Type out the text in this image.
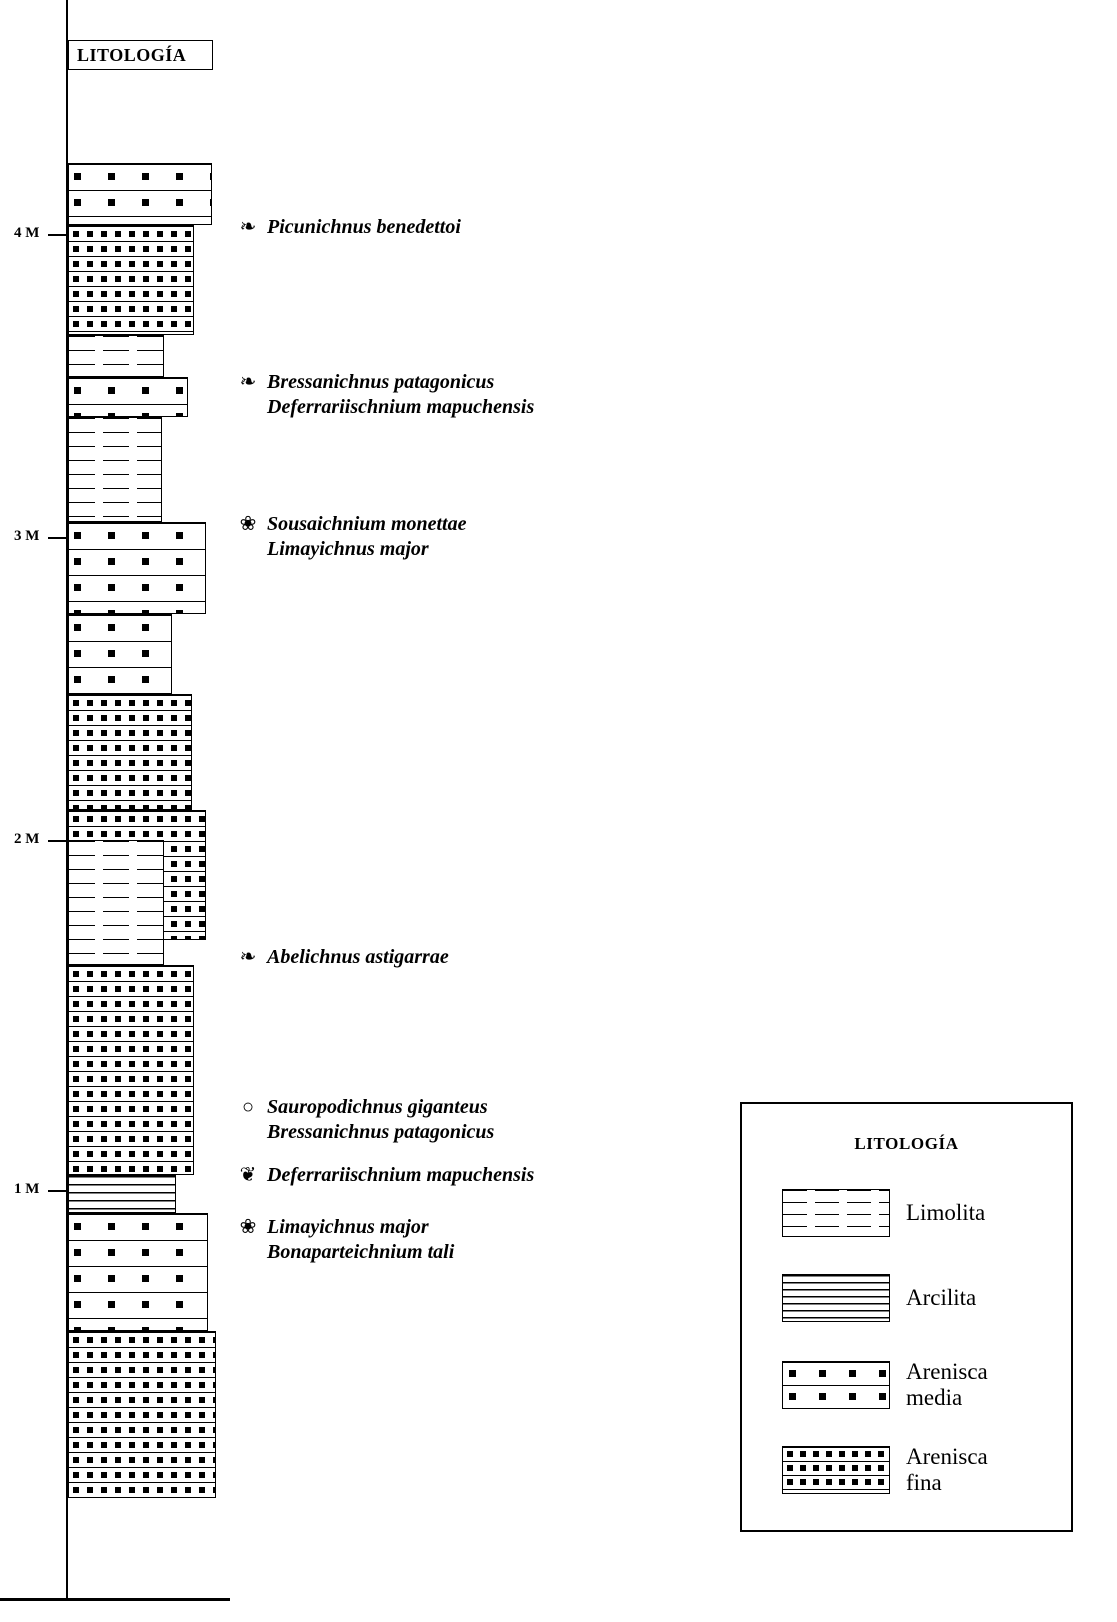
LITOLOGÍA
4 M
3 M
2 M
1 M
❧ Picunichnus benedettoi
❧ Bressanichnus patagonicus
Deferrariischnium mapuchensis
❀ Sousaichnium monettae
Limayichnus major
❧ Abelichnus astigarrae
○ Sauropodichnus giganteus
Bressanichnus patagonicus
❦ Deferrariischnium mapuchensis
❀ Limayichnus major
Bonaparteichnium tali
LITOLOGÍA
Limolita
Arcilita
Arenisca
media
Arenisca
fina
